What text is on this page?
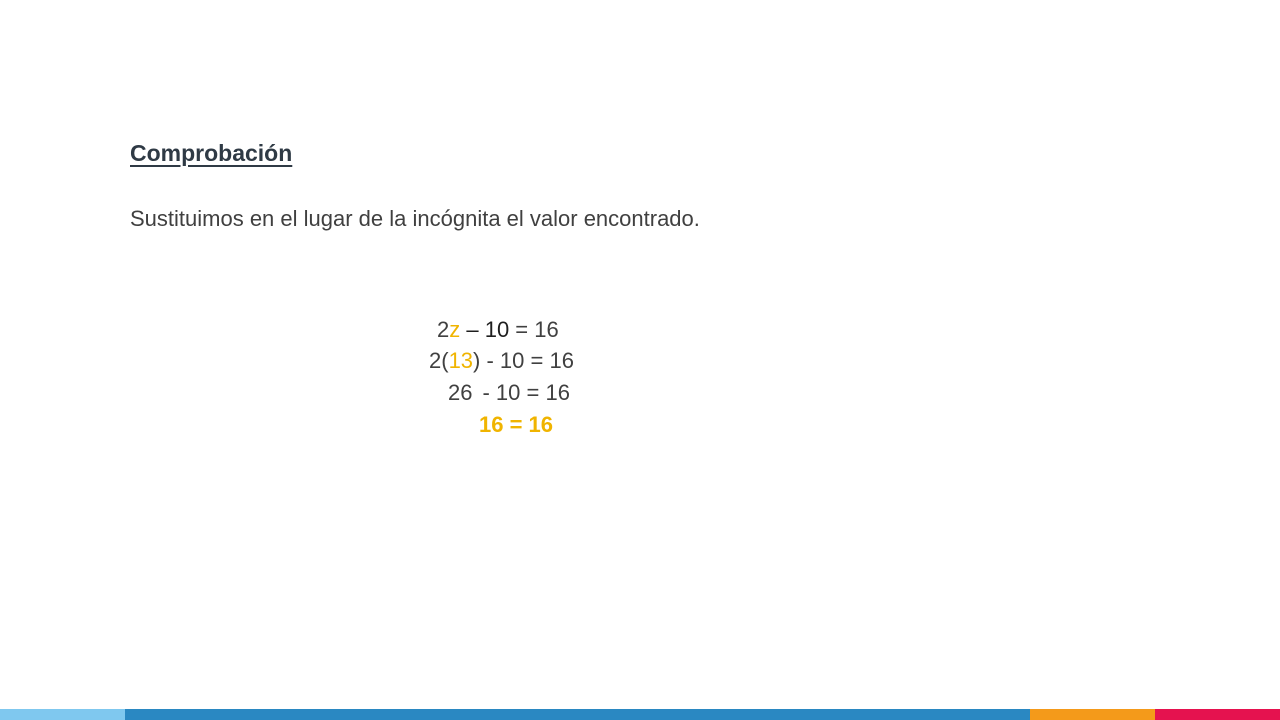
Comprobación
Sustituimos en el lugar de la incógnita el valor encontrado.
2z – 10 = 16
2(13) - 10 = 16
26 - 10 = 16
16 = 16
